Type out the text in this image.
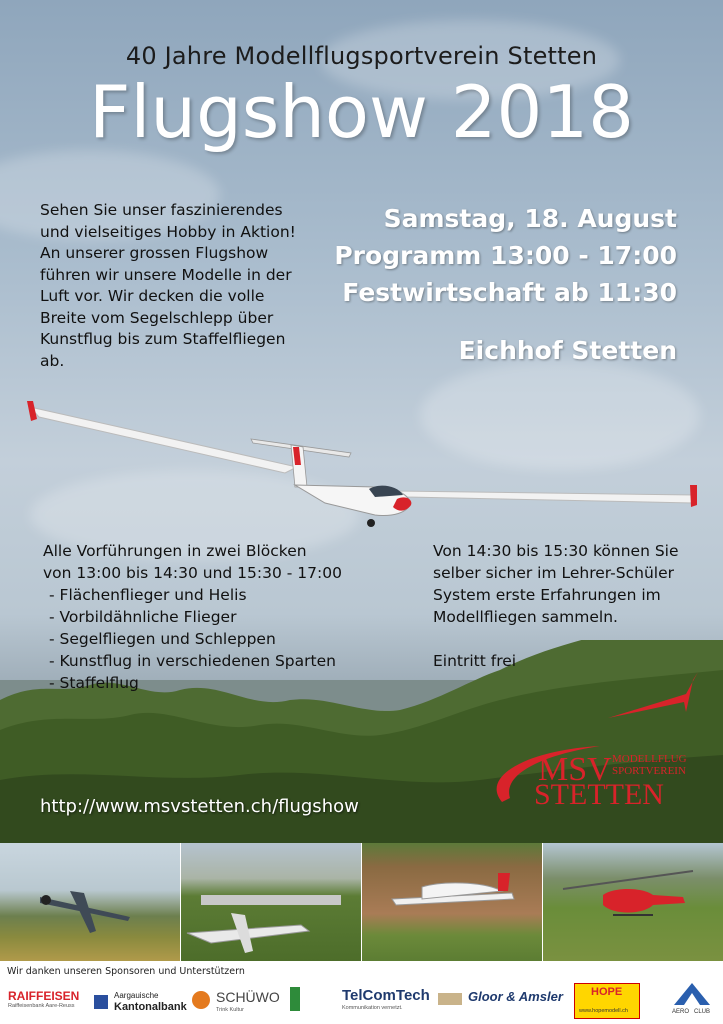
40 Jahre Modellflugsportverein Stetten
Flugshow 2018

Sehen Sie unser faszinierendes
und vielseitiges Hobby in Aktion!
An unserer grossen Flugshow
führen wir unsere Modelle in der
Luft vor. Wir decken die volle
Breite vom Segelschlepp über
Kunstflug bis zum Staffelfliegen
ab.

Samstag, 18. August
Programm 13:00 - 17:00
Festwirtschaft ab 11:30
Eichhof Stetten
Alle Vorführungen in zwei Blöcken
von 13:00 bis 14:30 und 15:30 - 17:00
- Flächenflieger und Helis
- Vorbildähnliche Flieger
- Segelfliegen und Schleppen
- Kunstflug in verschiedenen Sparten
- Staffelflug
Von 14:30 bis 15:30 können Sie
selber sicher im Lehrer-Schüler
System erste Erfahrungen im
Modellfliegen sammeln.
Eintritt frei
MSV MODELLFLUG
SPORTVEREIN
STETTEN
http://www.msvstetten.ch/flugshow
Wir danken unseren Sponsoren und Unterstützern
RAIFFEISEN
Raiffeisenbank Aare-Reuss
Aargauische
Kantonalbank
SCHÜWO
Trink Kultur
TelComTech
Kommunikation vernetzt.
Gloor & Amsler	HOPE
www.hopemodell.ch	AERO CLUB
